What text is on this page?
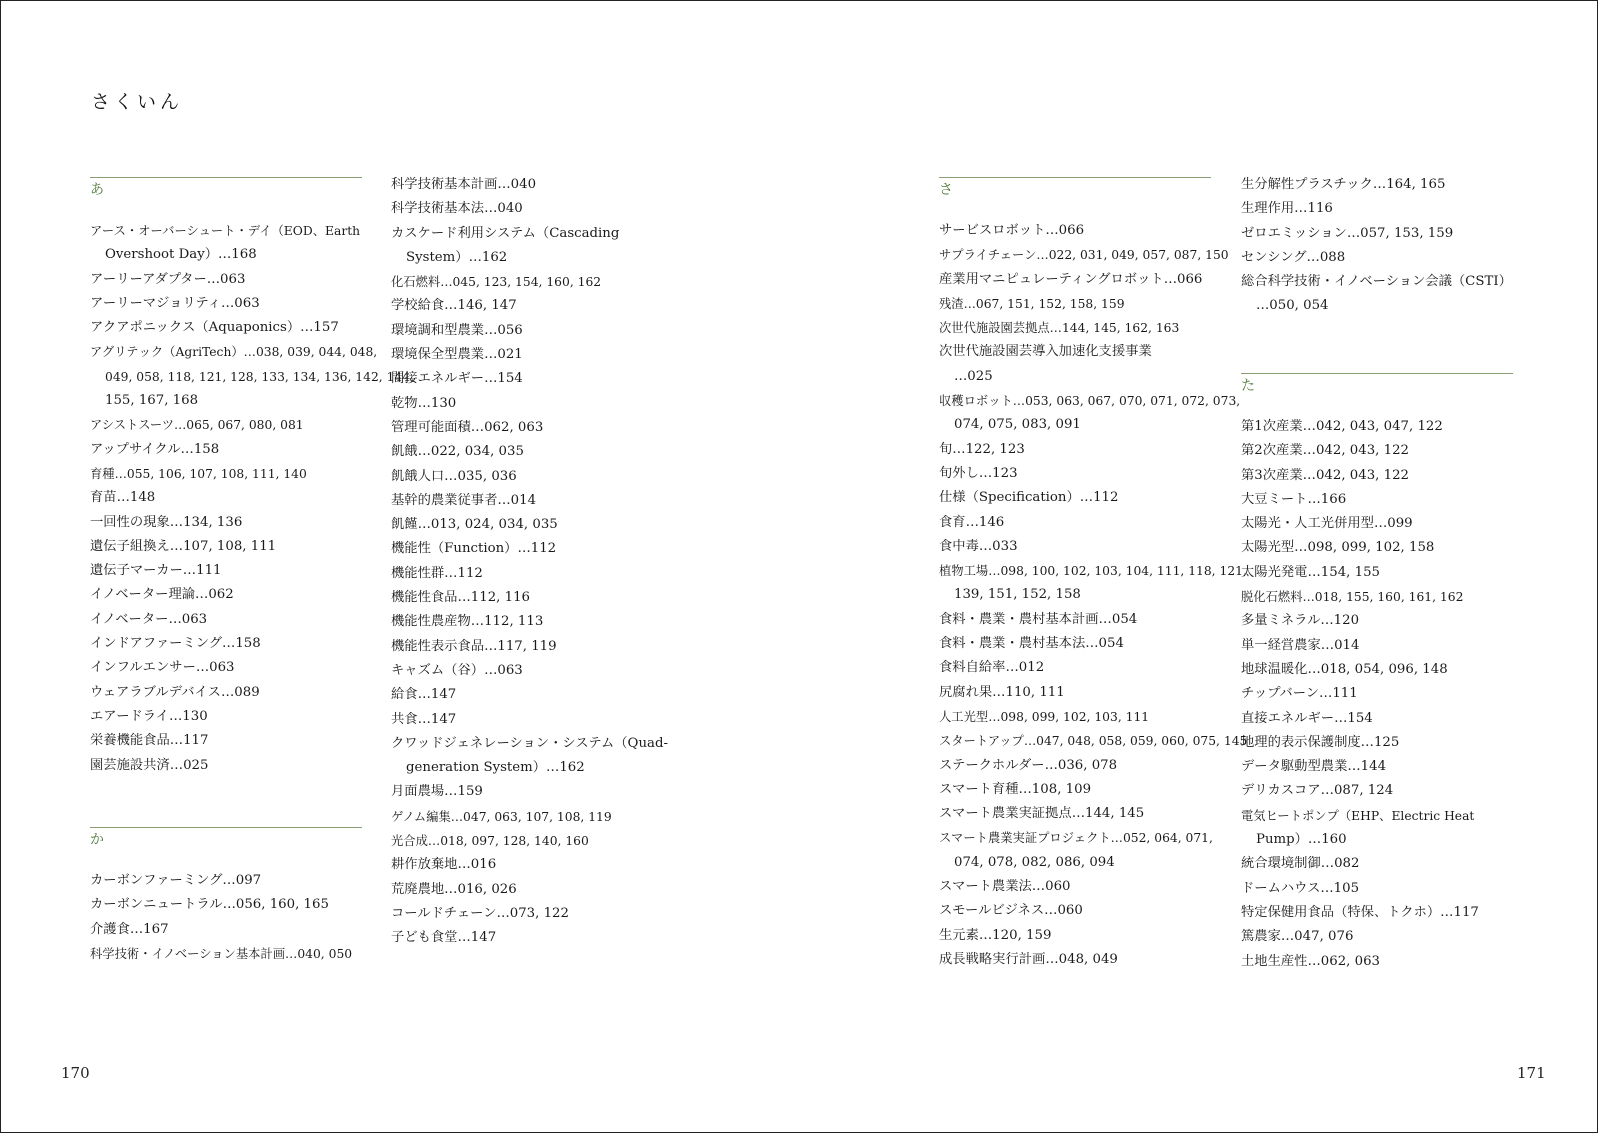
さくいん
あ
アース・オーバーシュート・デイ（EOD、Earth
Overshoot Day）…168
アーリーアダプター…063
アーリーマジョリティ…063
アクアポニックス（Aquaponics）…157
アグリテック（AgriTech）…038, 039, 044, 048,
049, 058, 118, 121, 128, 133, 134, 136, 142, 144,
155, 167, 168
アシストスーツ…065, 067, 080, 081
アップサイクル…158
育種…055, 106, 107, 108, 111, 140
育苗…148
一回性の現象…134, 136
遺伝子組換え…107, 108, 111
遺伝子マーカー…111
イノベーター理論…062
イノベーター…063
インドアファーミング…158
インフルエンサー…063
ウェアラブルデバイス…089
エアードライ…130
栄養機能食品…117
園芸施設共済…025
か
カーボンファーミング…097
カーボンニュートラル…056, 160, 165
介護食…167
科学技術・イノベーション基本計画…040, 050
科学技術基本計画…040
科学技術基本法…040
カスケード利用システム（Cascading
System）…162
化石燃料…045, 123, 154, 160, 162
学校給食…146, 147
環境調和型農業…056
環境保全型農業…021
間接エネルギー…154
乾物…130
管理可能面積…062, 063
飢餓…022, 034, 035
飢餓人口…035, 036
基幹的農業従事者…014
飢饉…013, 024, 034, 035
機能性（Function）…112
機能性群…112
機能性食品…112, 116
機能性農産物…112, 113
機能性表示食品…117, 119
キャズム（谷）…063
給食…147
共食…147
クワッドジェネレーション・システム（Quad-
generation System）…162
月面農場…159
ゲノム編集…047, 063, 107, 108, 119
光合成…018, 097, 128, 140, 160
耕作放棄地…016
荒廃農地…016, 026
コールドチェーン…073, 122
子ども食堂…147
さ
サービスロボット…066
サプライチェーン…022, 031, 049, 057, 087, 150
産業用マニピュレーティングロボット…066
残渣…067, 151, 152, 158, 159
次世代施設園芸拠点…144, 145, 162, 163
次世代施設園芸導入加速化支援事業
…025
収穫ロボット…053, 063, 067, 070, 071, 072, 073,
074, 075, 083, 091
旬…122, 123
旬外し…123
仕様（Specification）…112
食育…146
食中毒…033
植物工場…098, 100, 102, 103, 104, 111, 118, 121,
139, 151, 152, 158
食料・農業・農村基本計画…054
食料・農業・農村基本法…054
食料自給率…012
尻腐れ果…110, 111
人工光型…098, 099, 102, 103, 111
スタートアップ…047, 048, 058, 059, 060, 075, 145
ステークホルダー…036, 078
スマート育種…108, 109
スマート農業実証拠点…144, 145
スマート農業実証プロジェクト…052, 064, 071,
074, 078, 082, 086, 094
スマート農業法…060
スモールビジネス…060
生元素…120, 159
成長戦略実行計画…048, 049
生分解性プラスチック…164, 165
生理作用…116
ゼロエミッション…057, 153, 159
センシング…088
総合科学技術・イノベーション会議（CSTI）
…050, 054
た
第1次産業…042, 043, 047, 122
第2次産業…042, 043, 122
第3次産業…042, 043, 122
大豆ミート…166
太陽光・人工光併用型…099
太陽光型…098, 099, 102, 158
太陽光発電…154, 155
脱化石燃料…018, 155, 160, 161, 162
多量ミネラル…120
単一経営農家…014
地球温暖化…018, 054, 096, 148
チップバーン…111
直接エネルギー…154
地理的表示保護制度…125
データ駆動型農業…144
デリカスコア…087, 124
電気ヒートポンプ（EHP、Electric Heat
Pump）…160
統合環境制御…082
ドームハウス…105
特定保健用食品（特保、トクホ）…117
篤農家…047, 076
土地生産性…062, 063
170	171
